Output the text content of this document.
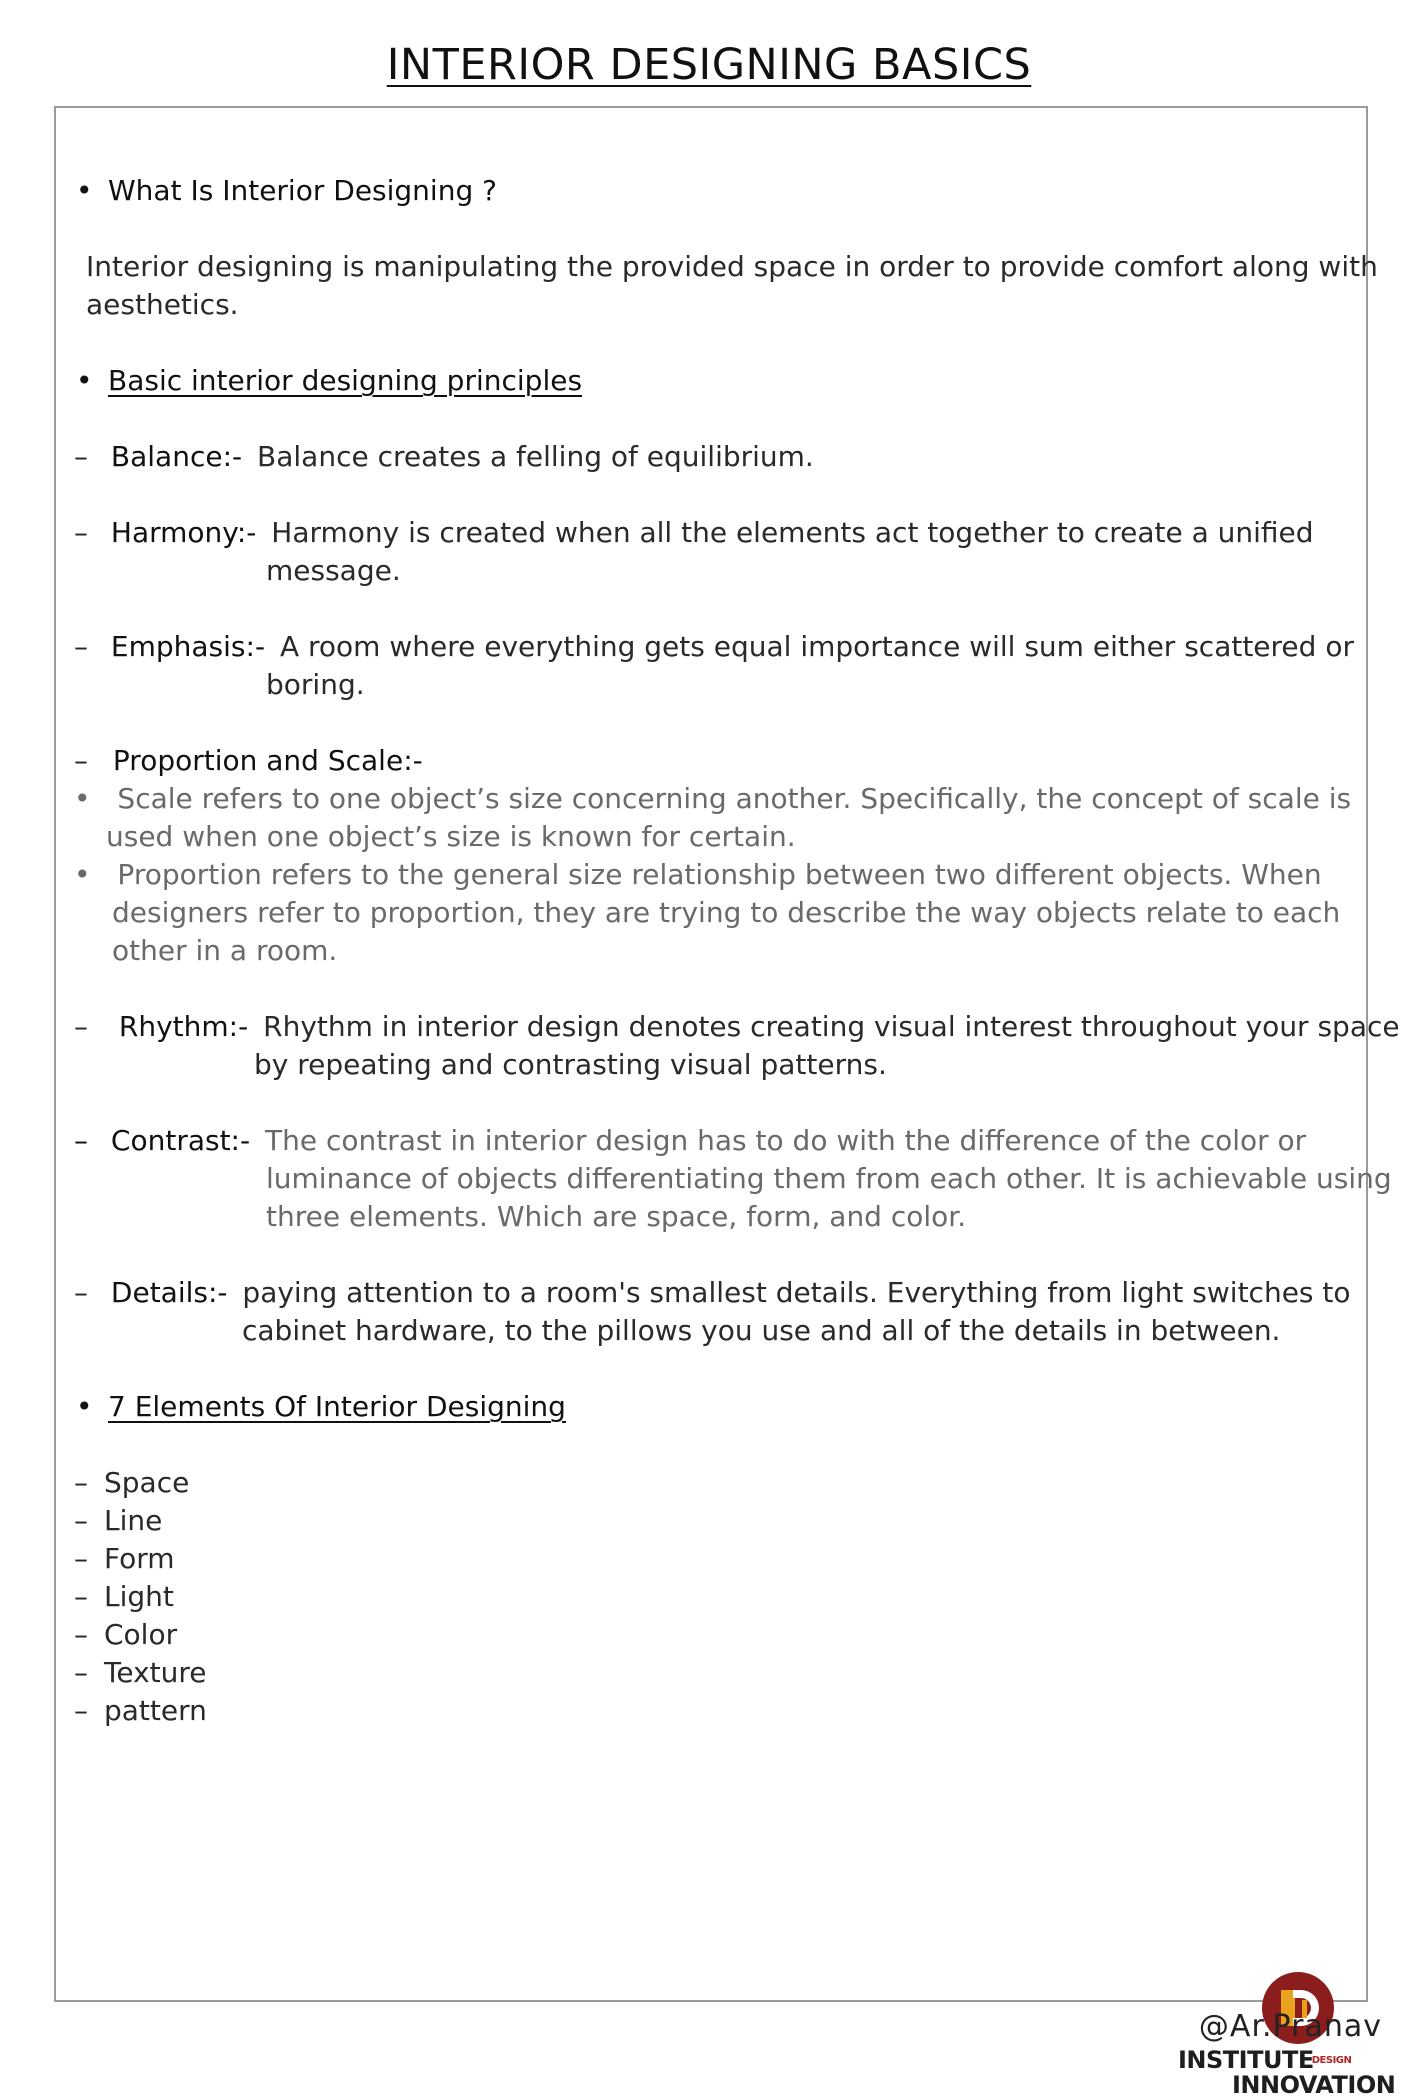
INTERIOR DESIGNING BASICS
• What Is Interior Designing ?
Interior designing is manipulating the provided space in order to provide comfort along with
aesthetics.
• Basic interior designing principles
– Balance:- Balance creates a felling of equilibrium.
– Harmony:- Harmony is created when all the elements act together to create a unified
message.
– Emphasis:- A room where everything gets equal importance will sum either scattered or
boring.
– Proportion and Scale:-
• Scale refers to one object’s size concerning another. Specifically, the concept of scale is
used when one object’s size is known for certain.
• Proportion refers to the general size relationship between two different objects. When
designers refer to proportion, they are trying to describe the way objects relate to each
other in a room.
– Rhythm:- Rhythm in interior design denotes creating visual interest throughout your space
by repeating and contrasting visual patterns.
– Contrast:- The contrast in interior design has to do with the difference of the color or
luminance of objects differentiating them from each other. It is achievable using
three elements. Which are space, form, and color.
– Details:- paying attention to a room's smallest details. Everything from light switches to
cabinet hardware, to the pillows you use and all of the details in between.
• 7 Elements Of Interior Designing
– Space
– Line
– Form
– Light
– Color
– Texture
– pattern
INSTITUTEDESIGN
INNOVATION
@Ar.Pranav
